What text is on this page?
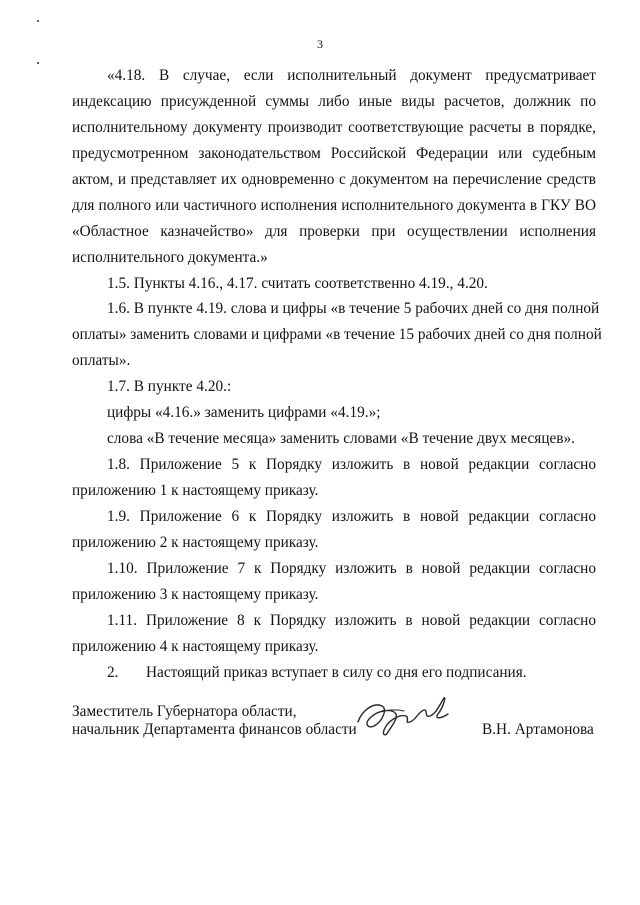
3
«4.18. В случае, если исполнительный документ предусматривает
индексацию присужденной суммы либо иные виды расчетов, должник по
исполнительному документу производит соответствующие расчеты в порядке,
предусмотренном законодательством Российской Федерации или судебным
актом, и представляет их одновременно с документом на перечисление средств
для полного или частичного исполнения исполнительного документа в ГКУ ВО
«Областное казначейство» для проверки при осуществлении исполнения
исполнительного документа.»
1.5. Пункты 4.16., 4.17. считать соответственно 4.19., 4.20.
1.6. В пункте 4.19. слова и цифры «в течение 5 рабочих дней со дня полной
оплаты» заменить словами и цифрами «в течение 15 рабочих дней со дня полной
оплаты».
1.7. В пункте 4.20.:
цифры «4.16.» заменить цифрами «4.19.»;
слова «В течение месяца» заменить словами «В течение двух месяцев».
1.8. Приложение 5 к Порядку изложить в новой редакции согласно
приложению 1 к настоящему приказу.
1.9. Приложение 6 к Порядку изложить в новой редакции согласно
приложению 2 к настоящему приказу.
1.10. Приложение 7 к Порядку изложить в новой редакции согласно
приложению 3 к настоящему приказу.
1.11. Приложение 8 к Порядку изложить в новой редакции согласно
приложению 4 к настоящему приказу.
2. Настоящий приказ вступает в силу со дня его подписания.
Заместитель Губернатора области,
начальник Департамента финансов области	В.Н. Артамонова
